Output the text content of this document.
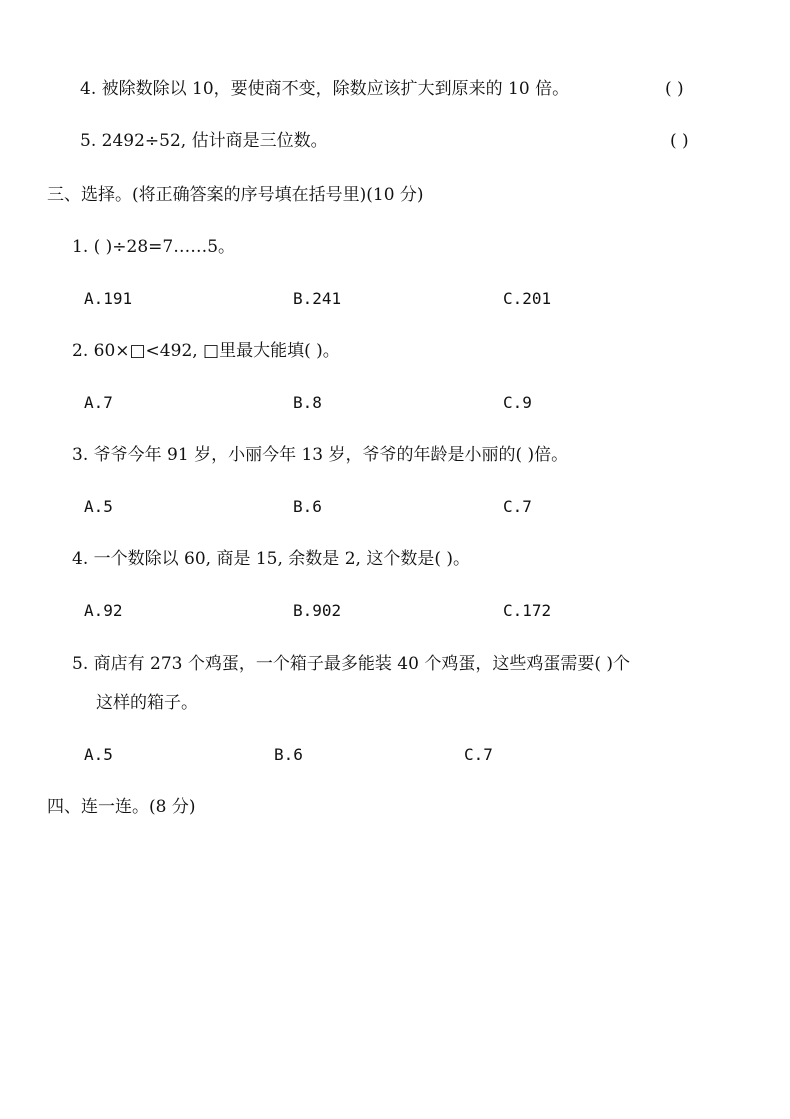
4. 被除数除以 10，要使商不变，除数应该扩大到原来的 10 倍。	( )
5. 2492÷52, 估计商是三位数。	( )
三、选择。(将正确答案的序号填在括号里)(10 分)
1. ( )÷28=7……5。
A.191	B.241	C.201
2. 60×□<492, □里最大能填( )。
A.7	B.8	C.9
3. 爷爷今年 91 岁，小丽今年 13 岁，爷爷的年龄是小丽的( )倍。
A.5	B.6	C.7
4. 一个数除以 60, 商是 15, 余数是 2, 这个数是( )。
A.92	B.902	C.172
5. 商店有 273 个鸡蛋，一个箱子最多能装 40 个鸡蛋，这些鸡蛋需要( )个
这样的箱子。
A.5	B.6	C.7
四、连一连。(8 分)
